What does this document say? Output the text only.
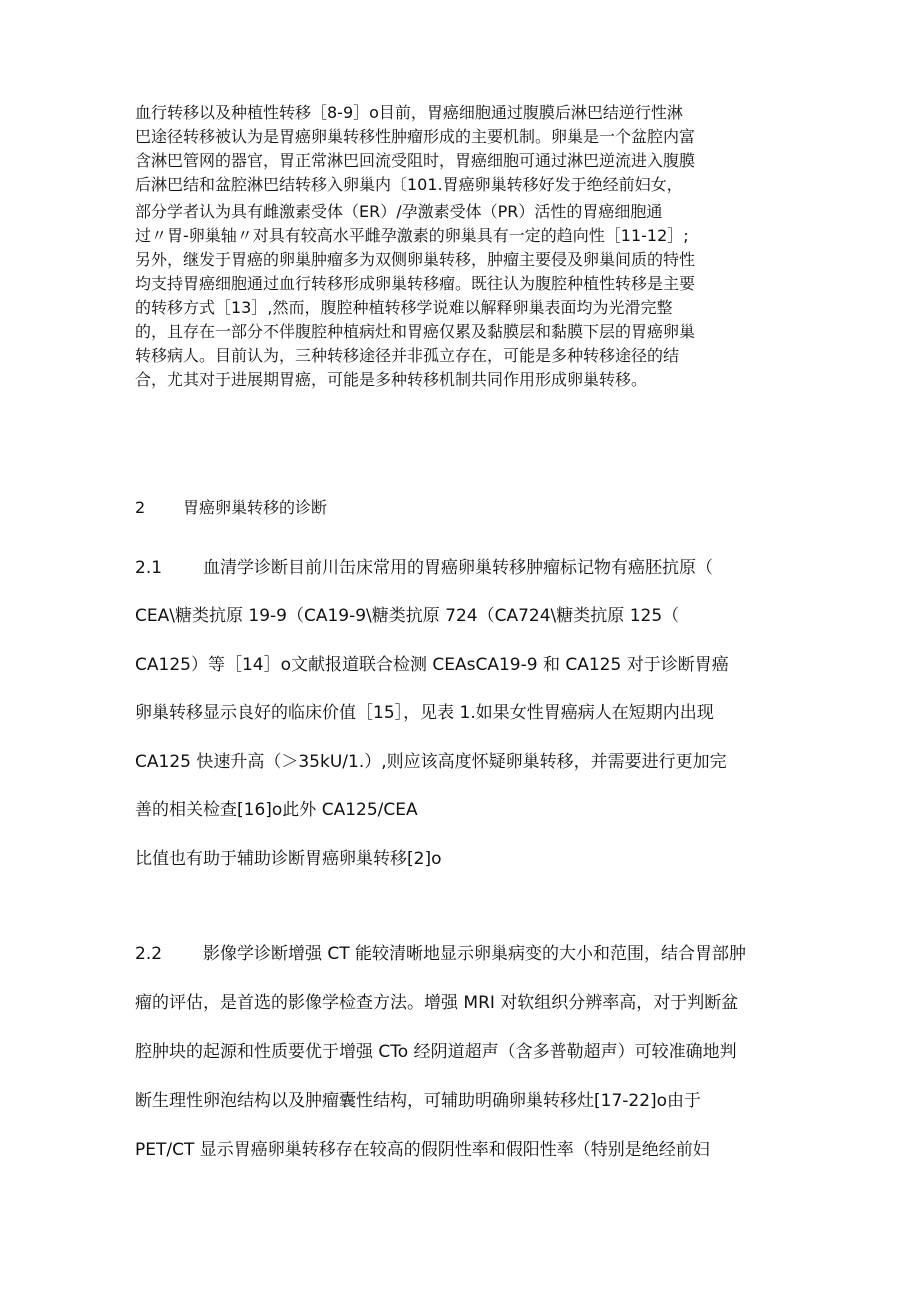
血行转移以及种植性转移［8-9］o目前，胃癌细胞通过腹膜后淋巴结逆行性淋
巴途径转移被认为是胃癌卵巢转移性肿瘤形成的主要机制。卵巢是一个盆腔内富
含淋巴管网的器官，胃正常淋巴回流受阻时，胃癌细胞可通过淋巴逆流进入腹膜
后淋巴结和盆腔淋巴结转移入卵巢内〔101.胃癌卵巢转移好发于绝经前妇女，
部分学者认为具有雌激素受体（ER）∕孕激素受体（PR）活性的胃癌细胞通
过〃胃-卵巢轴〃对具有较高水平雌孕激素的卵巢具有一定的趋向性［11-12］;
另外，继发于胃癌的卵巢肿瘤多为双侧卵巢转移，肿瘤主要侵及卵巢间质的特性
均支持胃癌细胞通过血行转移形成卵巢转移瘤。既往认为腹腔种植性转移是主要
的转移方式［13］,然而，腹腔种植转移学说难以解释卵巢表面均为光滑完整
的，且存在一部分不伴腹腔种植病灶和胃癌仅累及黏膜层和黏膜下层的胃癌卵巢
转移病人。目前认为，三种转移途径并非孤立存在，可能是多种转移途径的结
合，尤其对于进展期胃癌，可能是多种转移机制共同作用形成卵巢转移。
2 胃癌卵巢转移的诊断
2.1 血清学诊断目前川缶床常用的胃癌卵巢转移肿瘤标记物有癌胚抗原（
CEA\糖类抗原 19-9（CA19-9\糖类抗原 724（CA724\糖类抗原 125（
CA125）等［14］o文献报道联合检测 CEAsCA19-9 和 CA125 对于诊断胃癌
卵巢转移显示良好的临床价值［15］，见表 1.如果女性胃癌病人在短期内出现
CA125 快速升高（＞35kU/1.）,则应该高度怀疑卵巢转移，并需要进行更加完
善的相关检查[16]o此外 CA125/CEA
比值也有助于辅助诊断胃癌卵巢转移[2]o
2.2 影像学诊断增强 CT 能较清晰地显示卵巢病变的大小和范围，结合胃部肿
瘤的评估，是首选的影像学检查方法。增强 MRI 对软组织分辨率高，对于判断盆
腔肿块的起源和性质要优于增强 CTo 经阴道超声（含多普勒超声）可较准确地判
断生理性卵泡结构以及肿瘤囊性结构，可辅助明确卵巢转移灶[17-22]o由于
PET/CT 显示胃癌卵巢转移存在较高的假阴性率和假阳性率（特别是绝经前妇
